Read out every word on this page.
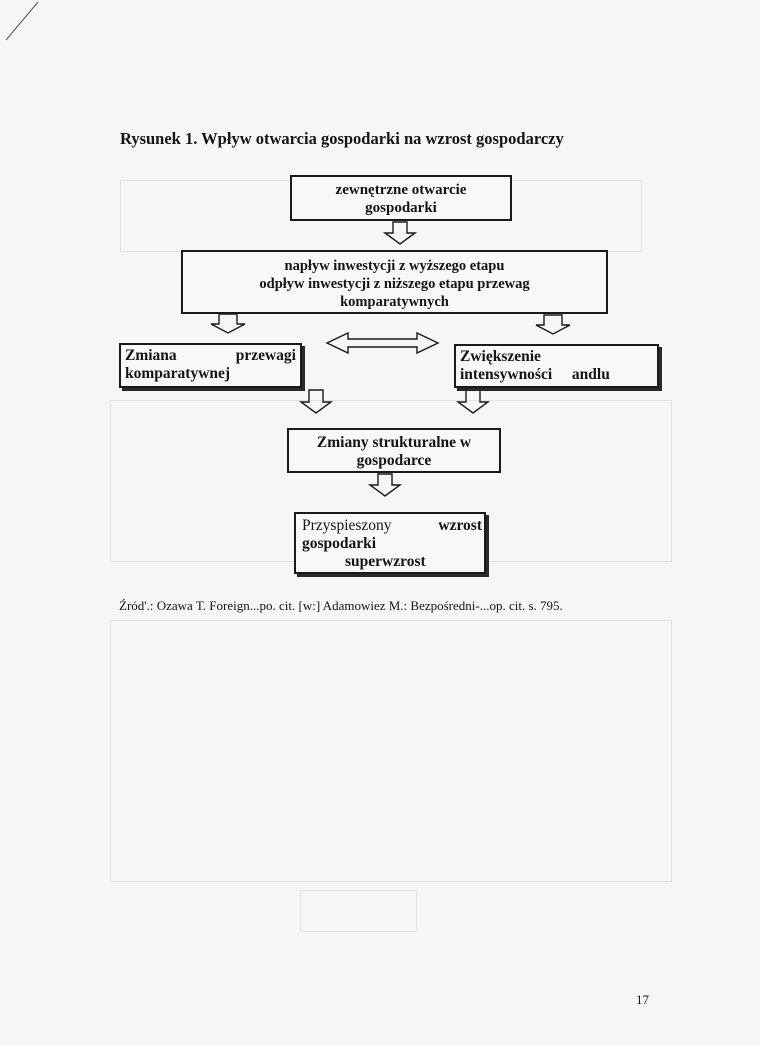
Rysunek 1. Wpływ otwarcia gospodarki na wzrost gospodarczy
zewnętrzne otwarcie
gospodarki
napływ inwestycji z wyższego etapu
odpływ inwestycji z niższego etapu przewag
komparatywnych
Zmiana	przewagi
komparatywnej
Zwiększenie
intensywności andlu
Zmiany strukturalne w
gospodarce
Przyspieszony	wzrost
gospodarki
superwzrost
Źród'.: Ozawa T. Foreign...po. cit. [w:] Adamowiez M.: Bezpośredni-...op. cit. s. 795.
17
